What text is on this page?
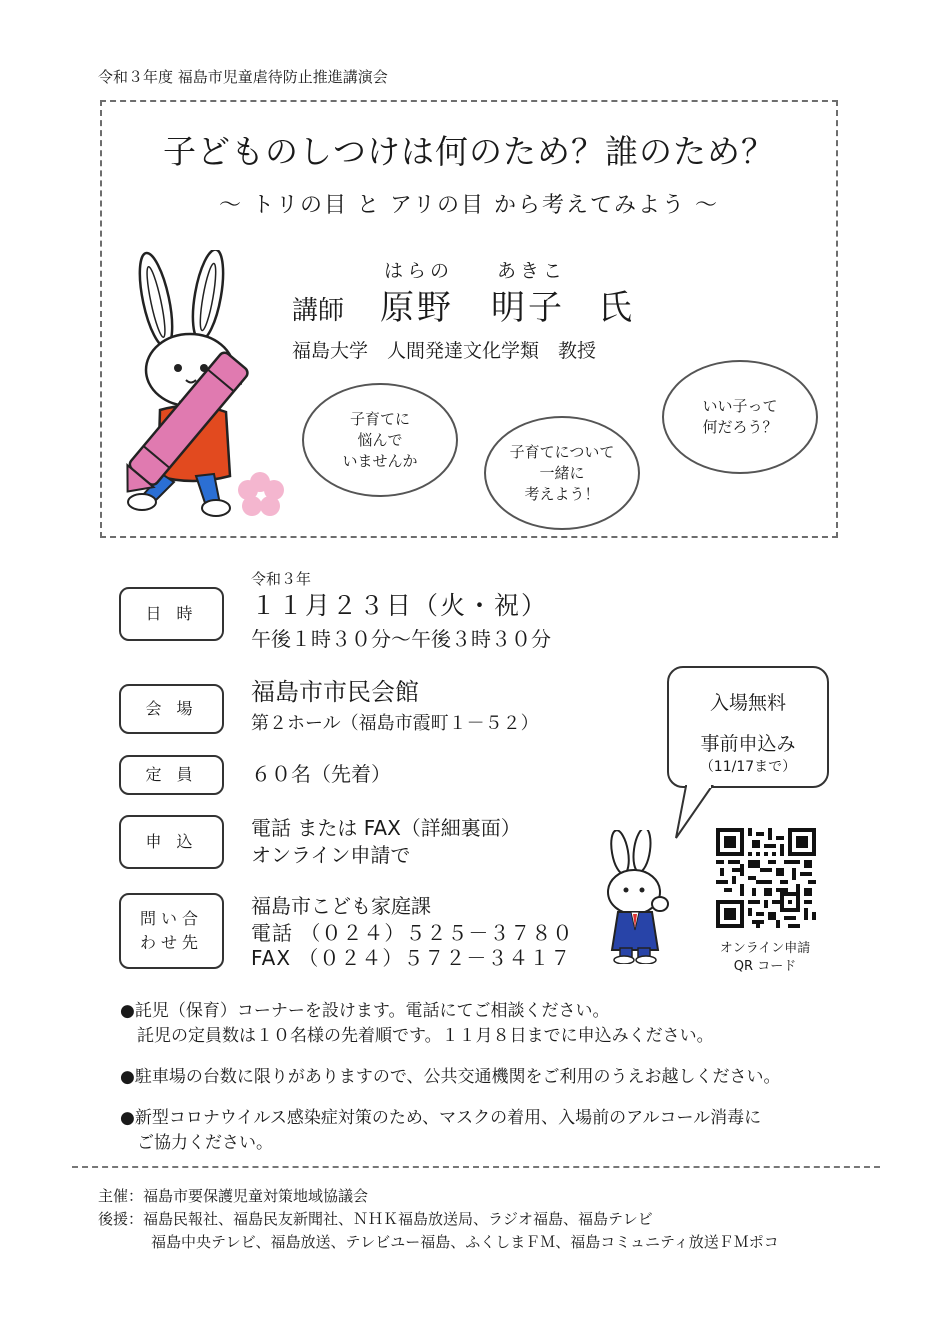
令和３年度 福島市児童虐待防止推進講演会
子どものしつけは何のため？誰のため？
～ トリの目 と アリの目 から考えてみよう ～
はらの あきこ
講師 原野　明子 氏
福島大学　人間発達文化学類　教授
子育てに
悩んで
いませんか	子育てについて
一緒に
考えよう！
いい子って
何だろう？
日 時
会 場
定 員
申 込
問い合
わせ先
令和３年
１１月２３日（火・祝）
午後１時３０分～午後３時３０分
福島市市民会館
第２ホール（福島市霞町１－５２）
６０名（先着）
電話 または FAX（詳細裏面）
オンライン申請で
福島市こども家庭課
電話 （０２４）５２５－３７８０
FAX （０２４）５７２－３４１７
入場無料
事前申込み
（11/17まで）
オンライン申請
QR コード
●託児（保育）コーナーを設けます。電話にてご相談ください。
　託児の定員数は１０名様の先着順です。１１月８日までに申込みください。
●駐車場の台数に限りがありますので、公共交通機関をご利用のうえお越しください。
●新型コロナウイルス感染症対策のため、マスクの着用、入場前のアルコール消毒に
　ご協力ください。
主催：福島市要保護児童対策地域協議会
後援：福島民報社、福島民友新聞社、ＮＨＫ福島放送局、ラジオ福島、福島テレビ
福島中央テレビ、福島放送、テレビユー福島、ふくしまＦＭ、福島コミュニティ放送ＦＭポコ
